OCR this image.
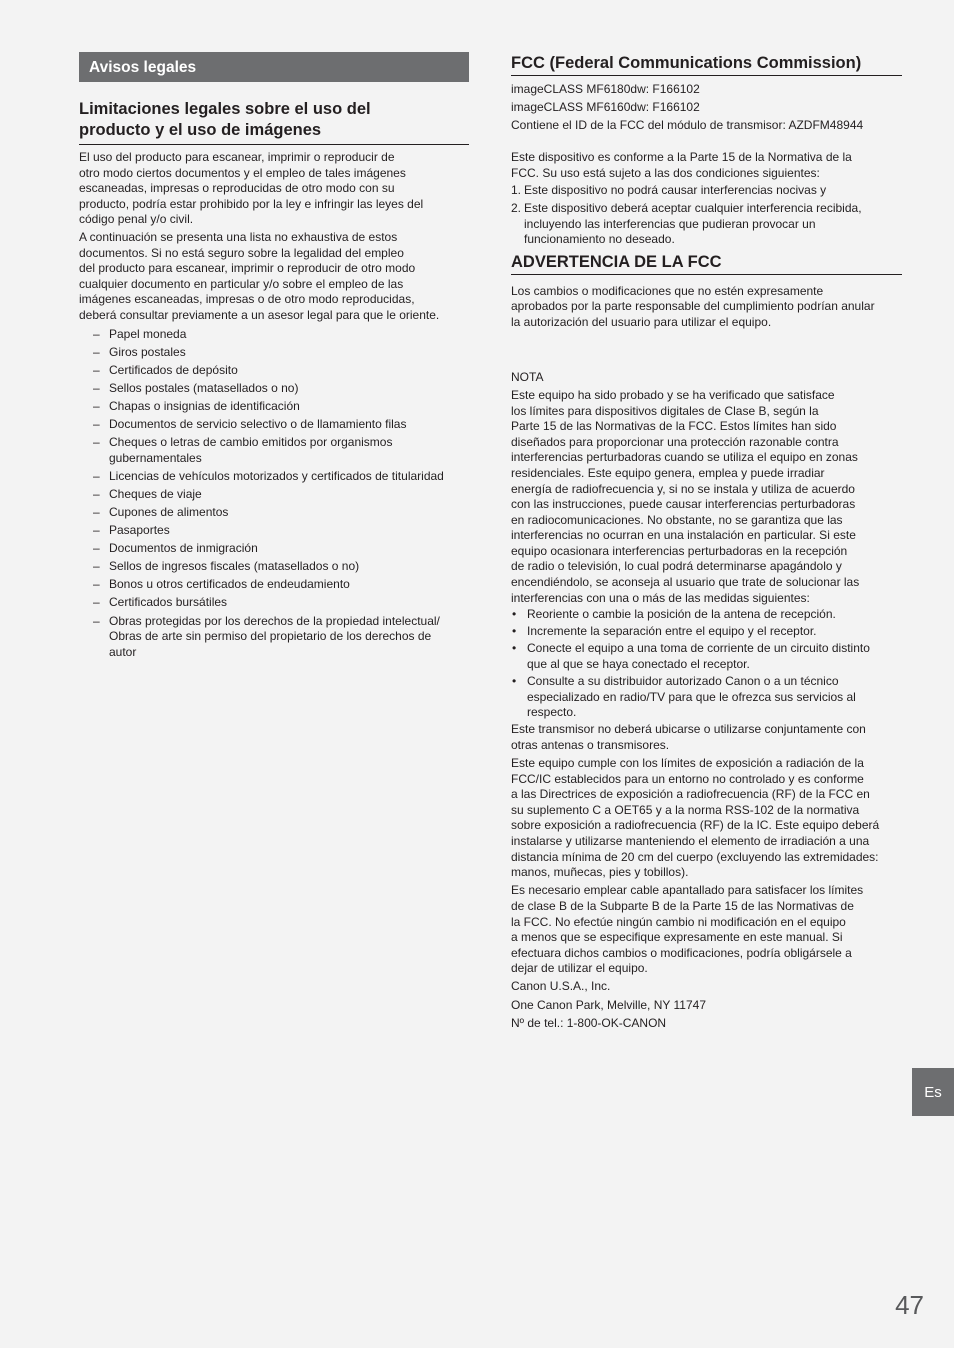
Avisos legales
Limitaciones legales sobre el uso del
producto y el uso de imágenes

El uso del producto para escanear, imprimir o reproducir de
otro modo ciertos documentos y el empleo de tales imágenes
escaneadas, impresas o reproducidas de otro modo con su
producto, podría estar prohibido por la ley e infringir las leyes del
código penal y/o civil.

A continuación se presenta una lista no exhaustiva de estos
documentos. Si no está seguro sobre la legalidad del empleo
del producto para escanear, imprimir o reproducir de otro modo
cualquier documento en particular y/o sobre el empleo de las
imágenes escaneadas, impresas o de otro modo reproducidas,
deberá consultar previamente a un asesor legal para que le oriente.

– Papel moneda
– Giros postales
– Certificados de depósito
– Sellos postales (matasellados o no)
– Chapas o insignias de identificación
– Documentos de servicio selectivo o de llamamiento filas
– Cheques o letras de cambio emitidos por organismos
gubernamentales
– Licencias de vehículos motorizados y certificados de titularidad
– Cheques de viaje
– Cupones de alimentos
– Pasaportes
– Documentos de inmigración
– Sellos de ingresos fiscales (matasellados o no)
– Bonos u otros certificados de endeudamiento
– Certificados bursátiles
– Obras protegidas por los derechos de la propiedad intelectual/
Obras de arte sin permiso del propietario de los derechos de
autor
FCC (Federal Communications Commission)

imageCLASS MF6180dw: F166102

imageCLASS MF6160dw: F166102

Contiene el ID de la FCC del módulo de transmisor: AZDFM48944

Este dispositivo es conforme a la Parte 15 de la Normativa de la
FCC. Su uso está sujeto a las dos condiciones siguientes:

1. Este dispositivo no podrá causar interferencias nocivas y
2. Este dispositivo deberá aceptar cualquier interferencia recibida,
incluyendo las interferencias que pudieran provocar un
funcionamiento no deseado.
ADVERTENCIA DE LA FCC

Los cambios o modificaciones que no estén expresamente
aprobados por la parte responsable del cumplimiento podrían anular
la autorización del usuario para utilizar el equipo.

NOTA

Este equipo ha sido probado y se ha verificado que satisface
los límites para dispositivos digitales de Clase B, según la
Parte 15 de las Normativas de la FCC. Estos límites han sido
diseñados para proporcionar una protección razonable contra
interferencias perturbadoras cuando se utiliza el equipo en zonas
residenciales. Este equipo genera, emplea y puede irradiar
energía de radiofrecuencia y, si no se instala y utiliza de acuerdo
con las instrucciones, puede causar interferencias perturbadoras
en radiocomunicaciones. No obstante, no se garantiza que las
interferencias no ocurran en una instalación en particular. Si este
equipo ocasionara interferencias perturbadoras en la recepción
de radio o televisión, lo cual podrá determinarse apagándolo y
encendiéndolo, se aconseja al usuario que trate de solucionar las
interferencias con una o más de las medidas siguientes:

• Reoriente o cambie la posición de la antena de recepción.
• Incremente la separación entre el equipo y el receptor.
• Conecte el equipo a una toma de corriente de un circuito distinto
que al que se haya conectado el receptor.
• Consulte a su distribuidor autorizado Canon o a un técnico
especializado en radio/TV para que le ofrezca sus servicios al
respecto.

Este transmisor no deberá ubicarse o utilizarse conjuntamente con
otras antenas o transmisores.

Este equipo cumple con los límites de exposición a radiación de la
FCC/IC establecidos para un entorno no controlado y es conforme
a las Directrices de exposición a radiofrecuencia (RF) de la FCC en
su suplemento C a OET65 y a la norma RSS-102 de la normativa
sobre exposición a radiofrecuencia (RF) de la IC. Este equipo deberá
instalarse y utilizarse manteniendo el elemento de irradiación a una
distancia mínima de 20 cm del cuerpo (excluyendo las extremidades:
manos, muñecas, pies y tobillos).

Es necesario emplear cable apantallado para satisfacer los límites
de clase B de la Subparte B de la Parte 15 de las Normativas de
la FCC. No efectúe ningún cambio ni modificación en el equipo
a menos que se especifique expresamente en este manual. Si
efectuara dichos cambios o modificaciones, podría obligársele a
dejar de utilizar el equipo.

Canon U.S.A., Inc.

One Canon Park, Melville, NY 11747

Nº de tel.: 1-800-OK-CANON

Es
47
